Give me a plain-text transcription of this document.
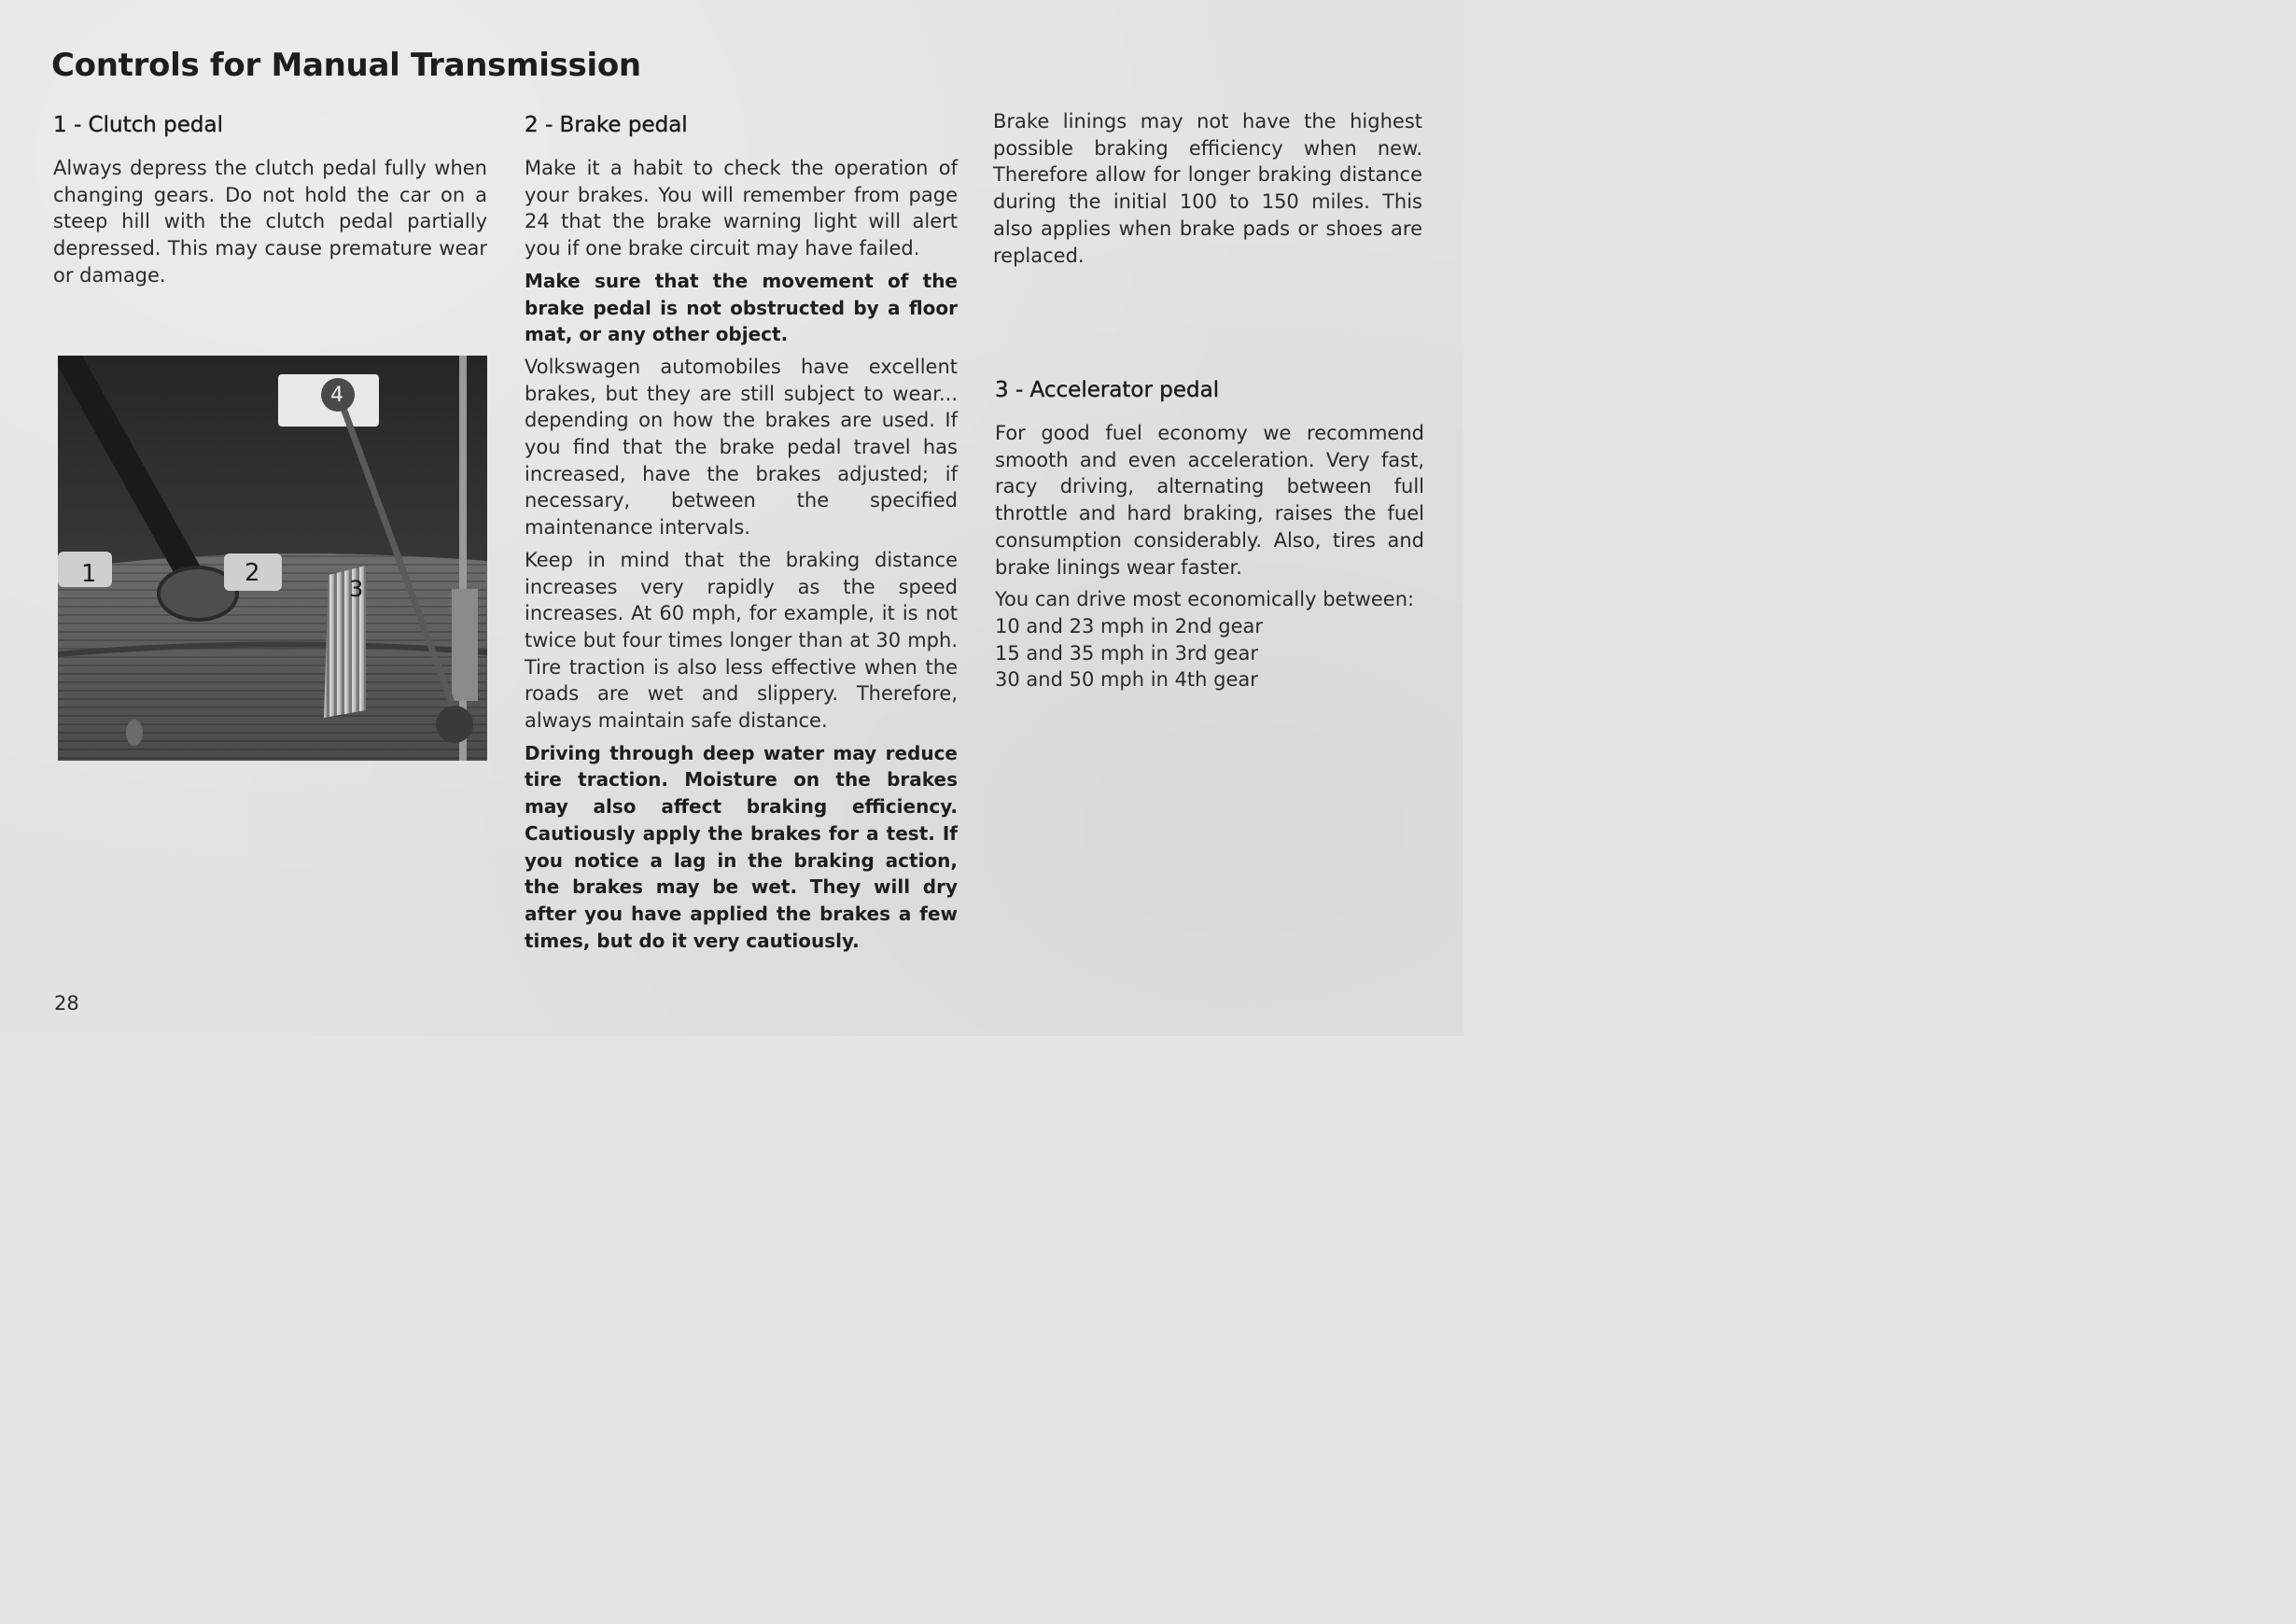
Controls for Manual Transmission
1 - Clutch pedal

Always depress the clutch pedal fully when changing gears. Do not hold the car on a steep hill with the clutch pedal partially depressed. This may cause premature wear or damage.

1	2
3
4
2 - Brake pedal

Make it a habit to check the operation of your brakes. You will remember from page 24 that the brake warning light will alert you if one brake circuit may have failed.

Make sure that the movement of the brake pedal is not obstructed by a floor mat, or any other object.

Volkswagen automobiles have excellent brakes, but they are still subject to wear... depending on how the brakes are used. If you find that the brake pedal travel has increased, have the brakes adjusted; if necessary, between the specified maintenance intervals.

Keep in mind that the braking distance increases very rapidly as the speed increases. At 60 mph, for example, it is not twice but four times longer than at 30 mph. Tire traction is also less effective when the roads are wet and slippery. Therefore, always maintain safe distance.

Driving through deep water may reduce tire traction. Moisture on the brakes may also affect braking efficiency. Cautiously apply the brakes for a test. If you notice a lag in the braking action, the brakes may be wet. They will dry after you have applied the brakes a few times, but do it very cautiously.

Brake linings may not have the highest possible braking efficiency when new. Therefore allow for longer braking distance during the initial 100 to 150 miles. This also applies when brake pads or shoes are replaced.

3 - Accelerator pedal

For good fuel economy we recommend smooth and even acceleration. Very fast, racy driving, alternating between full throttle and hard braking, raises the fuel consumption considerably. Also, tires and brake linings wear faster.

You can drive most economically between:

10 and 23 mph in 2nd gear

15 and 35 mph in 3rd gear

30 and 50 mph in 4th gear

28
